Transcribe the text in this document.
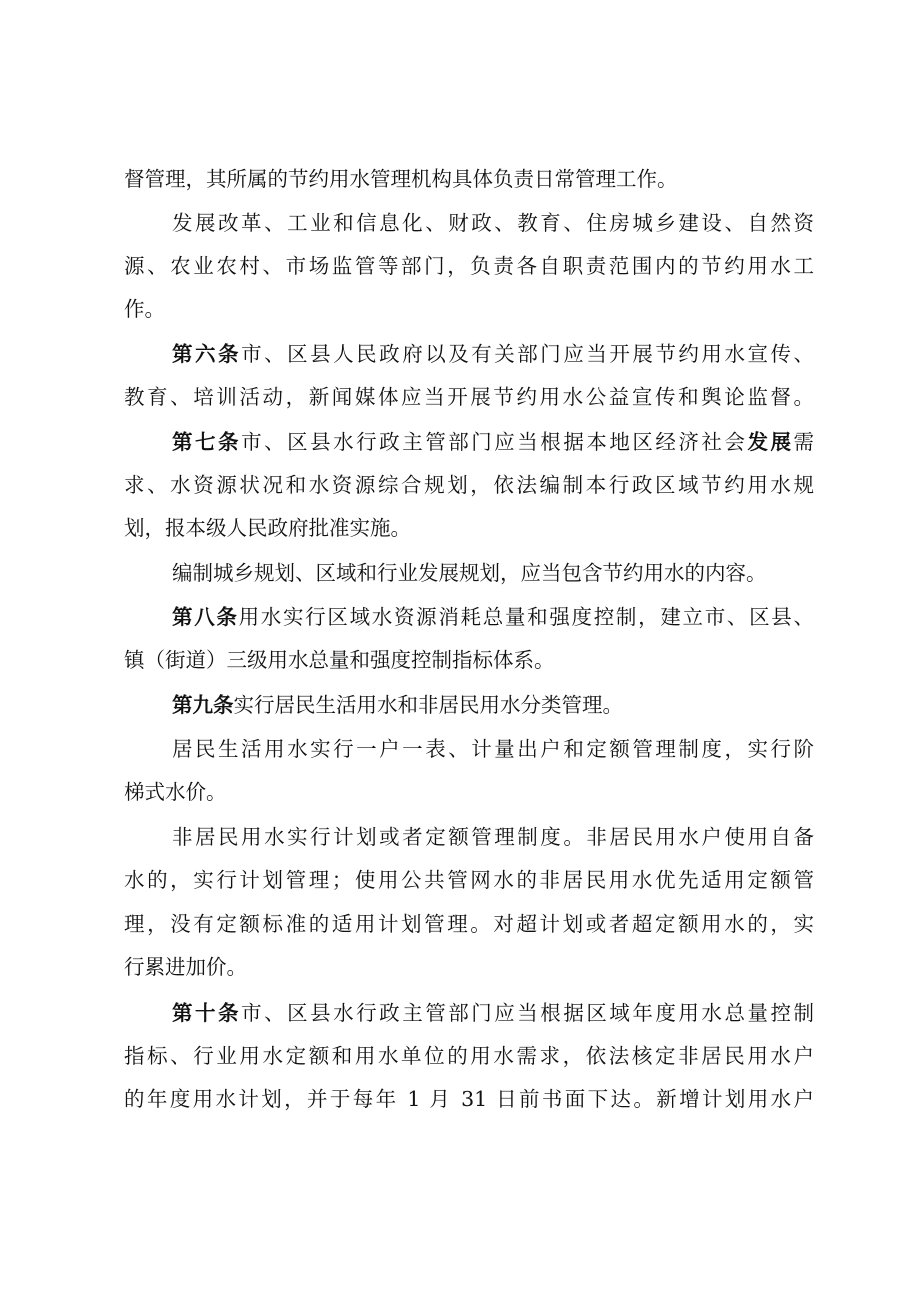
督管理，其所属的节约用水管理机构具体负责日常管理工作。
发展改革、工业和信息化、财政、教育、住房城乡建设、自然资
源、农业农村、市场监管等部门，负责各自职责范围内的节约用水工
作。
第六条市、区县人民政府以及有关部门应当开展节约用水宣传、
教育、培训活动，新闻媒体应当开展节约用水公益宣传和舆论监督。
第七条市、区县水行政主管部门应当根据本地区经济社会发展需
求、水资源状况和水资源综合规划，依法编制本行政区域节约用水规
划，报本级人民政府批准实施。
编制城乡规划、区域和行业发展规划，应当包含节约用水的内容。
第八条用水实行区域水资源消耗总量和强度控制，建立市、区县、
镇（街道）三级用水总量和强度控制指标体系。
第九条实行居民生活用水和非居民用水分类管理。
居民生活用水实行一户一表、计量出户和定额管理制度，实行阶
梯式水价。
非居民用水实行计划或者定额管理制度。非居民用水户使用自备
水的，实行计划管理；使用公共管网水的非居民用水优先适用定额管
理，没有定额标准的适用计划管理。对超计划或者超定额用水的，实
行累进加价。
第十条市、区县水行政主管部门应当根据区域年度用水总量控制
指标、行业用水定额和用水单位的用水需求，依法核定非居民用水户
的年度用水计划，并于每年 1 月 31 日前书面下达。新增计划用水户
